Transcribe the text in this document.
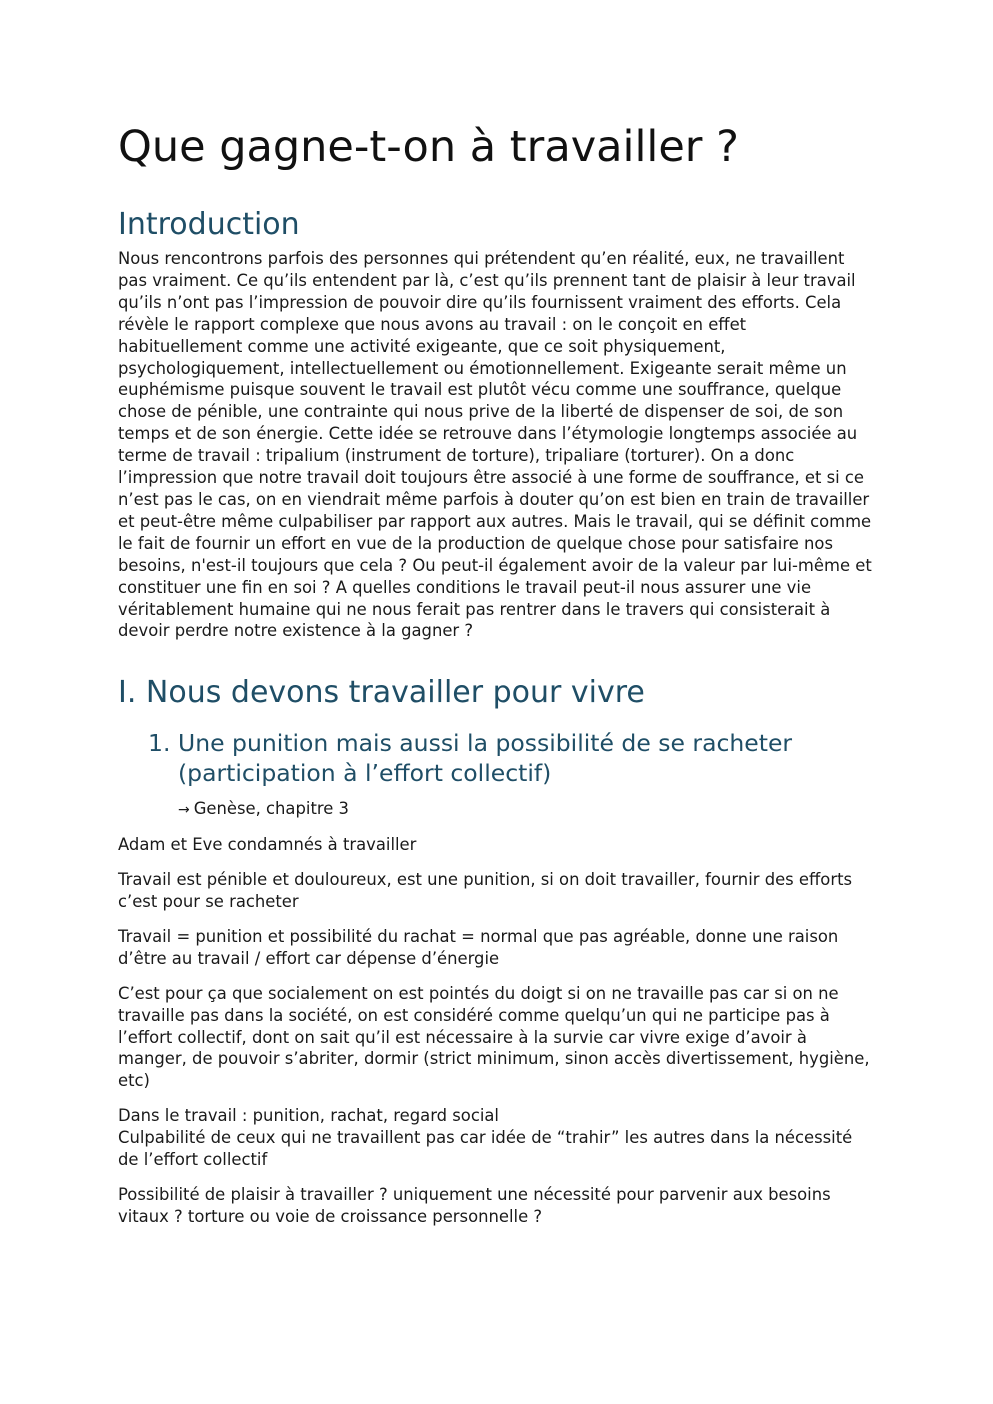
Que gagne-t-on à travailler ?
Introduction

Nous rencontrons parfois des personnes qui prétendent qu’en réalité, eux, ne travaillent pas vraiment. Ce qu’ils entendent par là, c’est qu’ils prennent tant de plaisir à leur travail qu’ils n’ont pas l’impression de pouvoir dire qu’ils fournissent vraiment des efforts. Cela révèle le rapport complexe que nous avons au travail : on le conçoit en effet habituellement comme une activité exigeante, que ce soit physiquement, psychologiquement, intellectuellement ou émotionnellement. Exigeante serait même un euphémisme puisque souvent le travail est plutôt vécu comme une souffrance, quelque chose de pénible, une contrainte qui nous prive de la liberté de dispenser de soi, de son temps et de son énergie. Cette idée se retrouve dans l’étymologie longtemps associée au terme de travail : tripalium (instrument de torture), tripaliare (torturer). On a donc l’impression que notre travail doit toujours être associé à une forme de souffrance, et si ce n’est pas le cas, on en viendrait même parfois à douter qu’on est bien en train de travailler et peut-être même culpabiliser par rapport aux autres. Mais le travail, qui se définit comme le fait de fournir un effort en vue de la production de quelque chose pour satisfaire nos besoins, n'est-il toujours que cela ? Ou peut-il également avoir de la valeur par lui-même et constituer une fin en soi ? A quelles conditions le travail peut-il nous assurer une vie véritablement humaine qui ne nous ferait pas rentrer dans le travers qui consisterait à devoir perdre notre existence à la gagner ?

I. Nous devons travailler pour vivre
1. Une punition mais aussi la possibilité de se racheter (participation à l’effort collectif)
→ Genèse, chapitre 3

Adam et Eve condamnés à travailler

Travail est pénible et douloureux, est une punition, si on doit travailler, fournir des efforts c’est pour se racheter

Travail = punition et possibilité du rachat = normal que pas agréable, donne une raison d’être au travail / effort car dépense d’énergie

C’est pour ça que socialement on est pointés du doigt si on ne travaille pas car si on ne travaille pas dans la société, on est considéré comme quelqu’un qui ne participe pas à l’effort collectif, dont on sait qu’il est nécessaire à la survie car vivre exige d’avoir à manger, de pouvoir s’abriter, dormir (strict minimum, sinon accès divertissement, hygiène, etc)

Dans le travail : punition, rachat, regard social

Culpabilité de ceux qui ne travaillent pas car idée de “trahir” les autres dans la nécessité de l’effort collectif

Possibilité de plaisir à travailler ? uniquement une nécessité pour parvenir aux besoins vitaux ? torture ou voie de croissance personnelle ?
